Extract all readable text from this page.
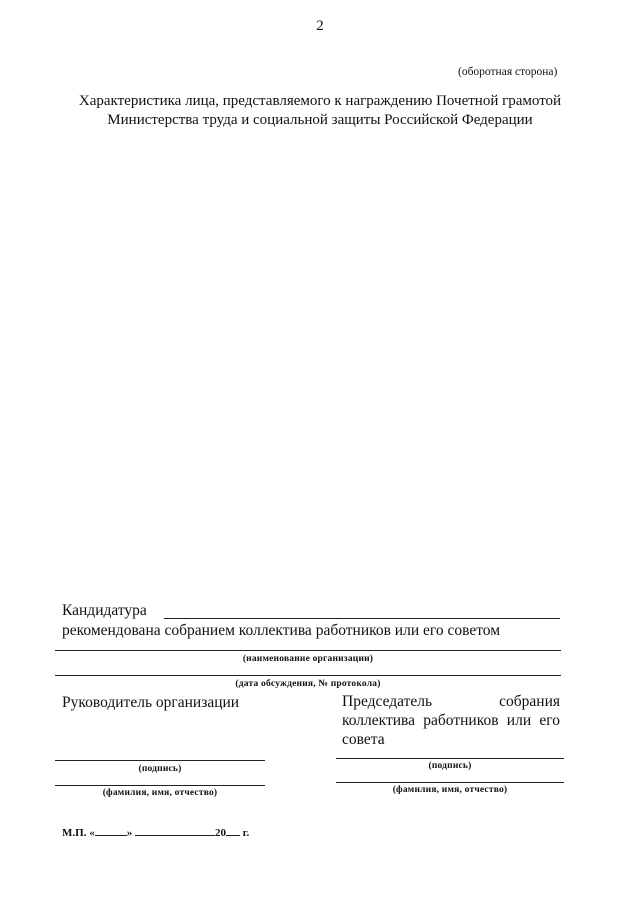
2
(оборотная сторона)
Характеристика лица, представляемого к награждению Почетной грамотой
Министерства труда и социальной защиты Российской Федерации
Кандидатура
рекомендована собранием коллектива работников или его советом
(наименование организации)
(дата обсуждения, № протокола)
Руководитель организации
(подпись)
(фамилия, имя, отчество)
Председатель	собрания
коллектива работников или его
совета
(подпись)
(фамилия, имя, отчество)
М.П. «	»	20 г.
